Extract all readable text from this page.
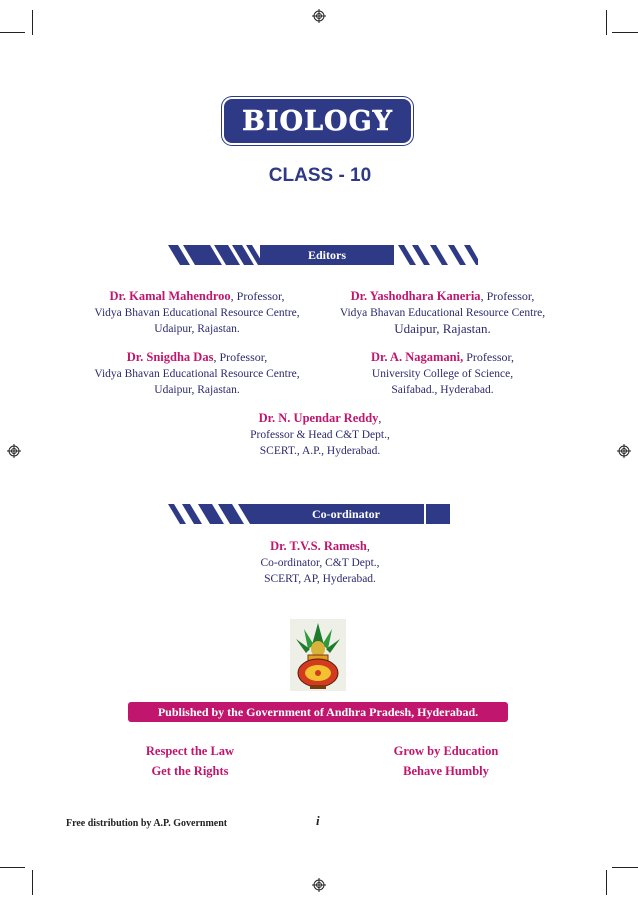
BIOLOGY
CLASS - 10
Editors
Dr. Kamal Mahendroo, Professor,
Vidya Bhavan Educational Resource Centre,
Udaipur, Rajastan.
Dr. Yashodhara Kaneria, Professor,
Vidya Bhavan Educational Resource Centre,
Udaipur, Rajastan.
Dr. Snigdha Das, Professor,
Vidya Bhavan Educational Resource Centre,
Udaipur, Rajastan.
Dr. A. Nagamani, Professor,
University College of Science,
Saifabad., Hyderabad.
Dr. N. Upendar Reddy,
Professor & Head C&T Dept.,
SCERT., A.P., Hyderabad.
Co-ordinator
Dr. T.V.S. Ramesh,
Co-ordinator, C&T Dept.,
SCERT, AP, Hyderabad.
Published by the Government of Andhra Pradesh, Hyderabad.
Respect the Law
Get the Rights
Grow by Education
Behave Humbly
Free distribution by A.P. Government	i
